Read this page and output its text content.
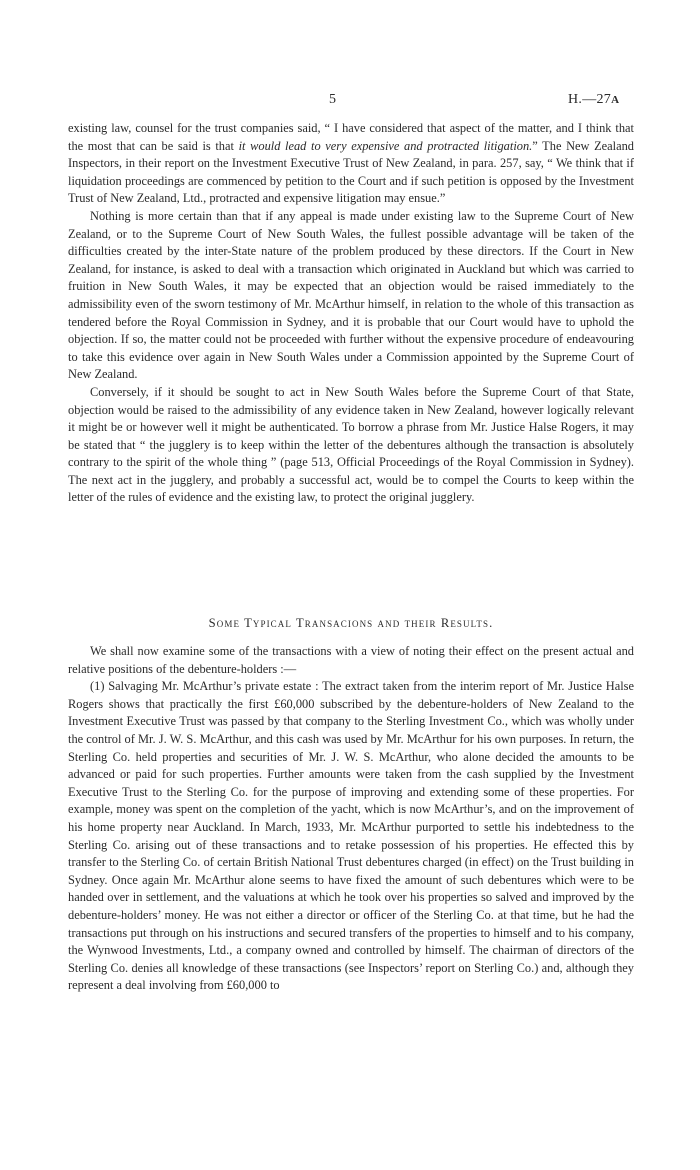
5	H.—27A

existing law, counsel for the trust companies said, “ I have considered that aspect of the matter, and I think that the most that can be said is that it would lead to very expensive and protracted litigation.” The New Zealand Inspectors, in their report on the Investment Executive Trust of New Zealand, in para. 257, say, “ We think that if liquidation proceedings are commenced by petition to the Court and if such petition is opposed by the Investment Trust of New Zealand, Ltd., protracted and expensive litigation may ensue.”

Nothing is more certain than that if any appeal is made under existing law to the Supreme Court of New Zealand, or to the Supreme Court of New South Wales, the fullest possible advantage will be taken of the difficulties created by the inter-State nature of the problem produced by these directors. If the Court in New Zealand, for instance, is asked to deal with a transaction which originated in Auckland but which was carried to fruition in New South Wales, it may be expected that an objection would be raised immediately to the admissibility even of the sworn testimony of Mr. McArthur himself, in relation to the whole of this transaction as tendered before the Royal Commission in Sydney, and it is probable that our Court would have to uphold the objection. If so, the matter could not be proceeded with further without the expensive procedure of endeavouring to take this evidence over again in New South Wales under a Commission appointed by the Supreme Court of New Zealand.

Conversely, if it should be sought to act in New South Wales before the Supreme Court of that State, objection would be raised to the admissibility of any evidence taken in New Zealand, however logically relevant it might be or however well it might be authenticated. To borrow a phrase from Mr. Justice Halse Rogers, it may be stated that “ the jugglery is to keep within the letter of the debentures although the transaction is absolutely contrary to the spirit of the whole thing ” (page 513, Official Proceedings of the Royal Commission in Sydney). The next act in the jugglery, and probably a successful act, would be to compel the Courts to keep within the letter of the rules of evidence and the existing law, to protect the original jugglery.

Some Typical Transacions and their Results.

We shall now examine some of the transactions with a view of noting their effect on the present actual and relative positions of the debenture-holders :—

(1) Salvaging Mr. McArthur’s private estate : The extract taken from the interim report of Mr. Justice Halse Rogers shows that practically the first £60,000 subscribed by the debenture-holders of New Zealand to the Investment Executive Trust was passed by that company to the Sterling Investment Co., which was wholly under the control of Mr. J. W. S. McArthur, and this cash was used by Mr. McArthur for his own purposes. In return, the Sterling Co. held properties and securities of Mr. J. W. S. McArthur, who alone decided the amounts to be advanced or paid for such properties. Further amounts were taken from the cash supplied by the Investment Executive Trust to the Sterling Co. for the purpose of improving and extending some of these properties. For example, money was spent on the completion of the yacht, which is now McArthur’s, and on the improvement of his home property near Auckland. In March, 1933, Mr. McArthur purported to settle his indebtedness to the Sterling Co. arising out of these transactions and to retake possession of his properties. He effected this by transfer to the Sterling Co. of certain British National Trust debentures charged (in effect) on the Trust building in Sydney. Once again Mr. McArthur alone seems to have fixed the amount of such debentures which were to be handed over in settlement, and the valuations at which he took over his properties so salved and improved by the debenture-holders’ money. He was not either a director or officer of the Sterling Co. at that time, but he had the transactions put through on his instructions and secured transfers of the properties to himself and to his company, the Wynwood Investments, Ltd., a company owned and controlled by himself. The chairman of directors of the Sterling Co. denies all knowledge of these transactions (see Inspectors’ report on Sterling Co.) and, although they represent a deal involving from £60,000 to
